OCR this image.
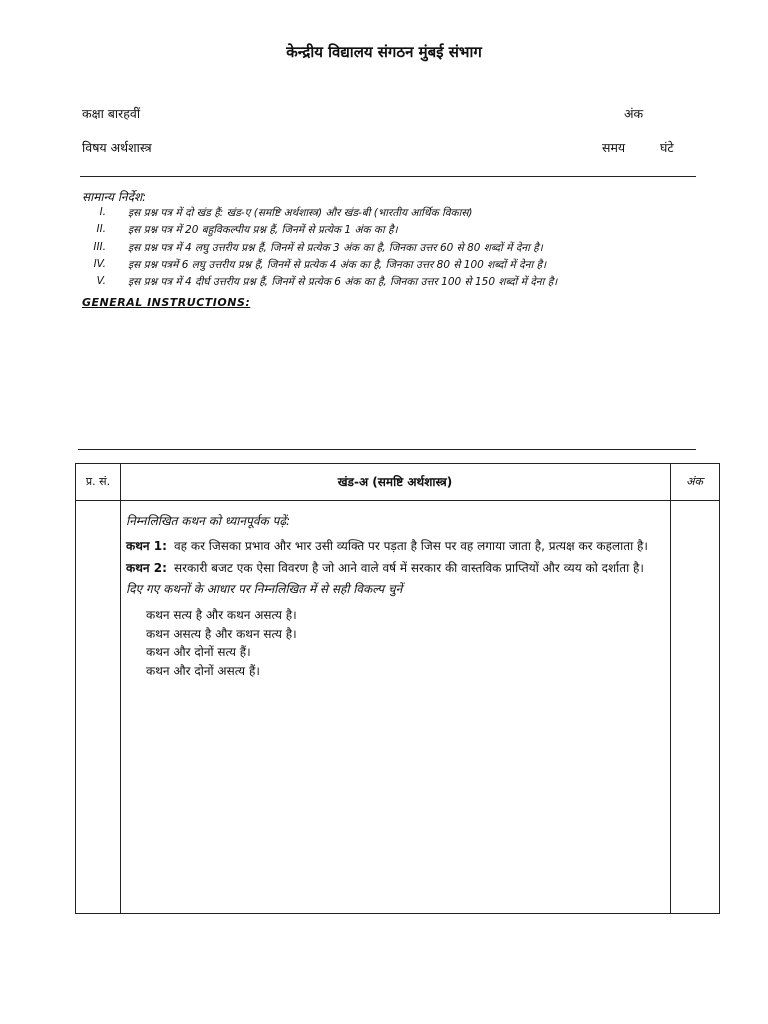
केन्द्रीय विद्यालय संगठन मुंबई संभाग
कक्षा बारहवीं	अंक
विषय अर्थशास्त्र	समय	घंटे
सामान्य निर्देश:
I. इस प्रश्न पत्र में दो खंड हैं: खंड-ए (समष्टि अर्थशास्त्र) और खंड-बी (भारतीय आर्थिक विकास)
II. इस प्रश्न पत्र में 20 बहुविकल्पीय प्रश्न हैं, जिनमें से प्रत्येक 1 अंक का है।
III. इस प्रश्न पत्र में 4 लघु उत्तरीय प्रश्न हैं, जिनमें से प्रत्येक 3 अंक का है, जिनका उत्तर 60 से 80 शब्दों में देना है।
IV. इस प्रश्न पत्रमें 6 लघु उत्तरीय प्रश्न हैं, जिनमें से प्रत्येक 4 अंक का है, जिनका उत्तर 80 से 100 शब्दों में देना है।
V. इस प्रश्न पत्र में 4 दीर्घ उत्तरीय प्रश्न हैं, जिनमें से प्रत्येक 6 अंक का है, जिनका उत्तर 100 से 150 शब्दों में देना है।
GENERAL INSTRUCTIONS:
प्र. सं.	खंड-अ (समष्टि अर्थशास्त्र)	अंक
निम्नलिखित कथन को ध्यानपूर्वक पढ़ें:
कथन 1: वह कर जिसका प्रभाव और भार उसी व्यक्ति पर पड़ता है जिस पर वह लगाया जाता है, प्रत्यक्ष कर कहलाता है।
कथन 2: सरकारी बजट एक ऐसा विवरण है जो आने वाले वर्ष में सरकार की वास्तविक प्राप्तियों और व्यय को दर्शाता है।
दिए गए कथनों के आधार पर निम्नलिखित में से सही विकल्प चुनें
कथन सत्य है और कथन असत्य है।
कथन असत्य है और कथन सत्य है।
कथन और दोनों सत्य हैं।
कथन और दोनों असत्य हैं।
